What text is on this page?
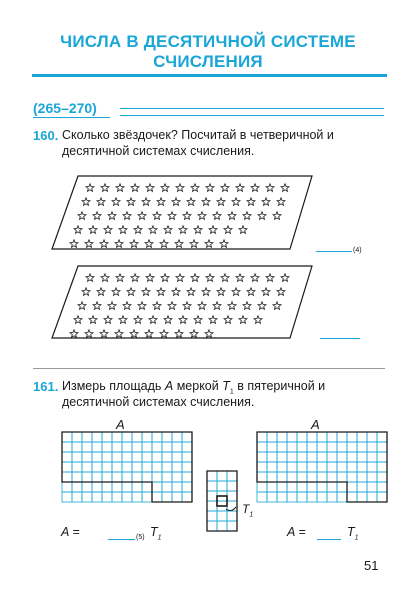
ЧИСЛА В ДЕСЯТИЧНОЙ СИСТЕМЕ
СЧИСЛЕНИЯ
(265–270)
160. Сколько звёздочек? Посчитай в четверичной и
десятичной системах счисления.
(4)
161. Измерь площадь A меркой $T_1$ в пятеричной и
десятичной системах счисления.
A	A
$T_1$
A =	(5) $T_1$	A =	$T_1$
51
